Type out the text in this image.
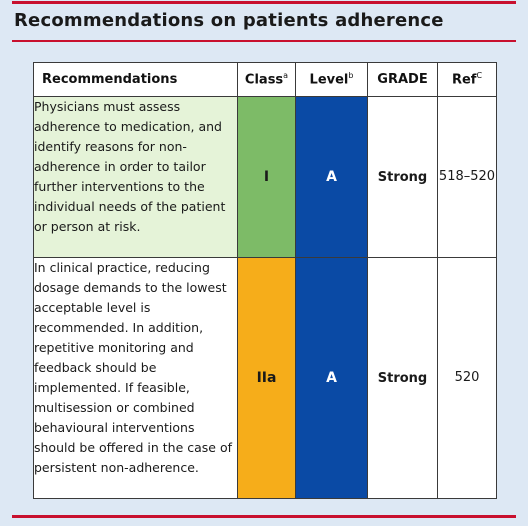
Recommendations on patients adherence
Recommendations	Class$^a$	Level$^b$	GRADE	Ref$^C$
Physicians must assess adherence to medication, and identify reasons for non-adherence in order to tailor further interventions to the individual needs of the patient or person at risk.	I	A	Strong	518–520
In clinical practice, reducing dosage demands to the lowest acceptable level is recommended. In addition, repetitive monitoring and feedback should be implemented. If feasible, multisession or combined behavioural interventions should be offered in the case of persistent non-adherence.	IIa	A	Strong	520
